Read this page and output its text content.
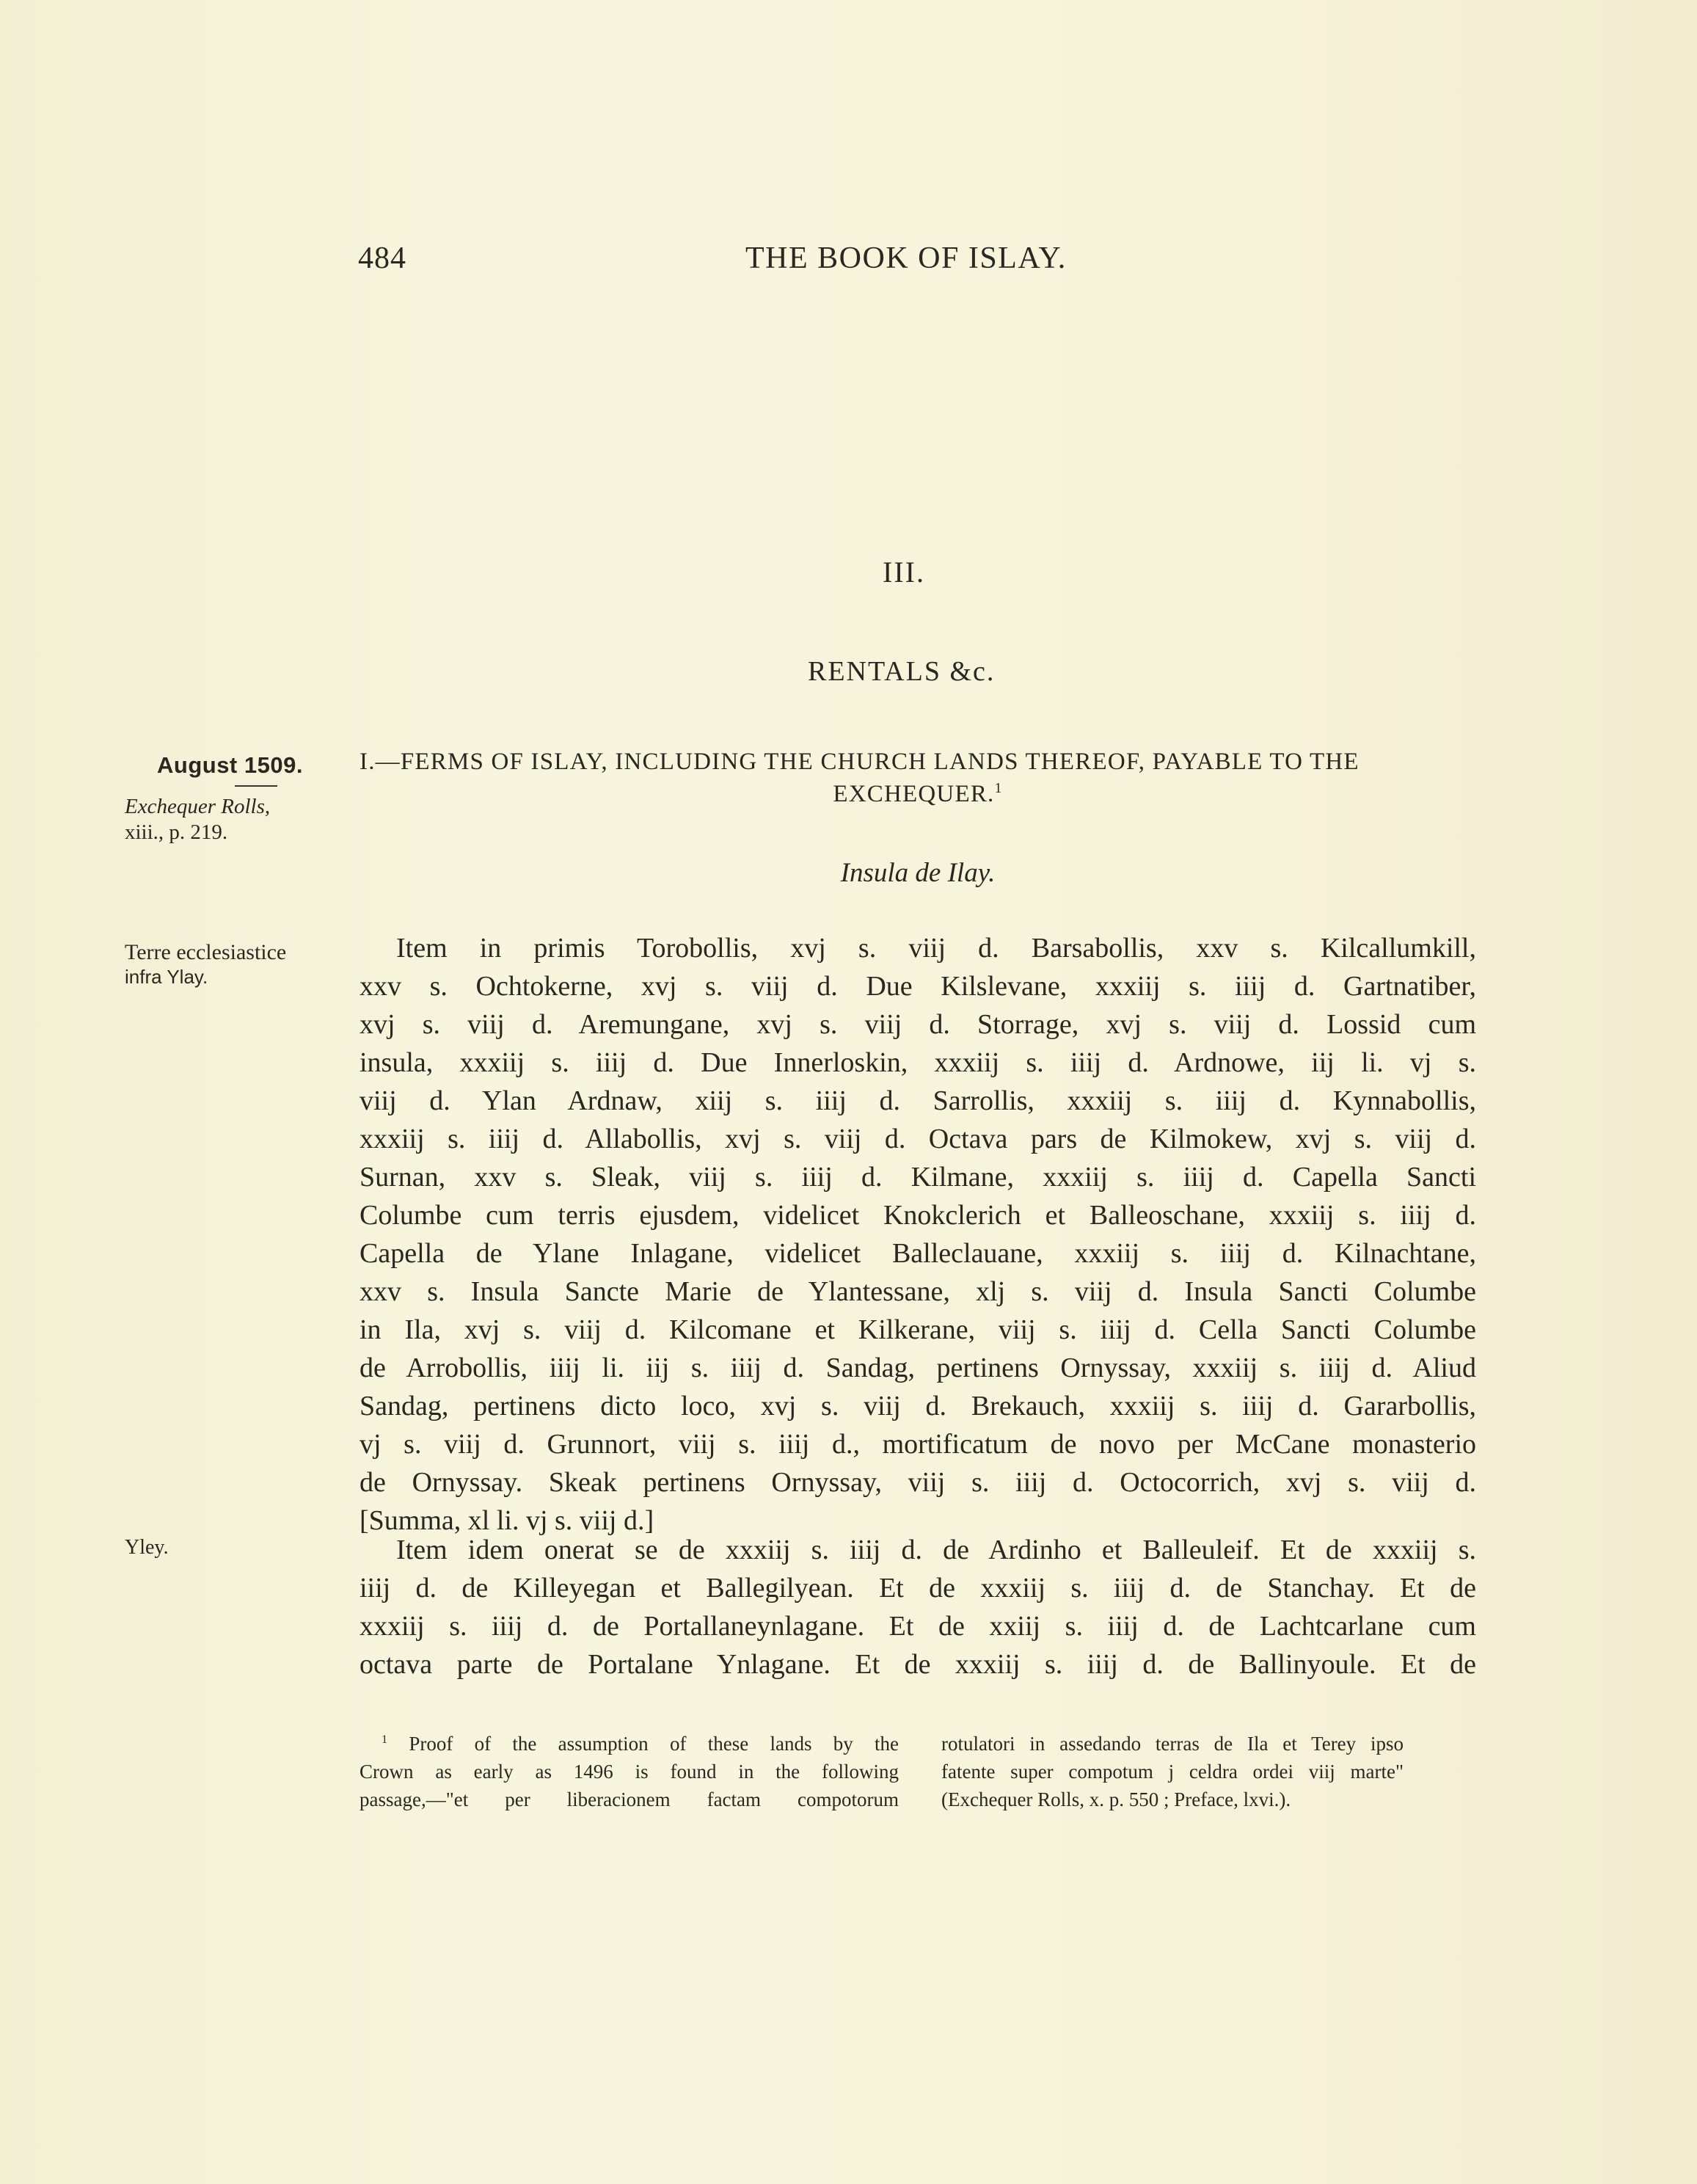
484	THE BOOK OF ISLAY.
III.
RENTALS &c.
August 1509.
Exchequer Rolls,
xiii., p. 219.
Terre ecclesiastice
infra Ylay.
Yley.
I.—FERMS OF ISLAY, INCLUDING THE CHURCH LANDS THEREOF, PAYABLE TO THE
EXCHEQUER.$^1$
Insula de Ilay.
Item in primis Torobollis, xvj s. viij d. Barsabollis, xxv s. Kilcallumkill,
xxv s. Ochtokerne, xvj s. viij d. Due Kilslevane, xxxiij s. iiij d. Gartnatiber,
xvj s. viij d. Aremungane, xvj s. viij d. Storrage, xvj s. viij d. Lossid cum
insula, xxxiij s. iiij d. Due Innerloskin, xxxiij s. iiij d. Ardnowe, iij li. vj s.
viij d. Ylan Ardnaw, xiij s. iiij d. Sarrollis, xxxiij s. iiij d. Kynnabollis,
xxxiij s. iiij d. Allabollis, xvj s. viij d. Octava pars de Kilmokew, xvj s. viij d.
Surnan, xxv s. Sleak, viij s. iiij d. Kilmane, xxxiij s. iiij d. Capella Sancti
Columbe cum terris ejusdem, videlicet Knokclerich et Balleoschane, xxxiij s. iiij d.
Capella de Ylane Inlagane, videlicet Balleclauane, xxxiij s. iiij d. Kilnachtane,
xxv s. Insula Sancte Marie de Ylantessane, xlj s. viij d. Insula Sancti Columbe
in Ila, xvj s. viij d. Kilcomane et Kilkerane, viij s. iiij d. Cella Sancti Columbe
de Arrobollis, iiij li. iij s. iiij d. Sandag, pertinens Ornyssay, xxxiij s. iiij d. Aliud
Sandag, pertinens dicto loco, xvj s. viij d. Brekauch, xxxiij s. iiij d. Gararbollis,
vj s. viij d. Grunnort, viij s. iiij d., mortificatum de novo per McCane monasterio
de Ornyssay. Skeak pertinens Ornyssay, viij s. iiij d. Octocorrich, xvj s. viij d.
[Summa, xl li. vj s. viij d.]
Item idem onerat se de xxxiij s. iiij d. de Ardinho et Balleuleif. Et de xxxiij s.
iiij d. de Killeyegan et Ballegilyean. Et de xxxiij s. iiij d. de Stanchay. Et de
xxxiij s. iiij d. de Portallaneynlagane. Et de xxiij s. iiij d. de Lachtcarlane cum
octava parte de Portalane Ynlagane. Et de xxxiij s. iiij d. de Ballinyoule. Et de
$^1$ Proof of the assumption of these lands by the
Crown as early as 1496 is found in the following
passage,—"et per liberacionem factam compotorum
rotulatori in assedando terras de Ila et Terey ipso
fatente super compotum j celdra ordei viij marte"
(Exchequer Rolls, x. p. 550 ; Preface, lxvi.).
